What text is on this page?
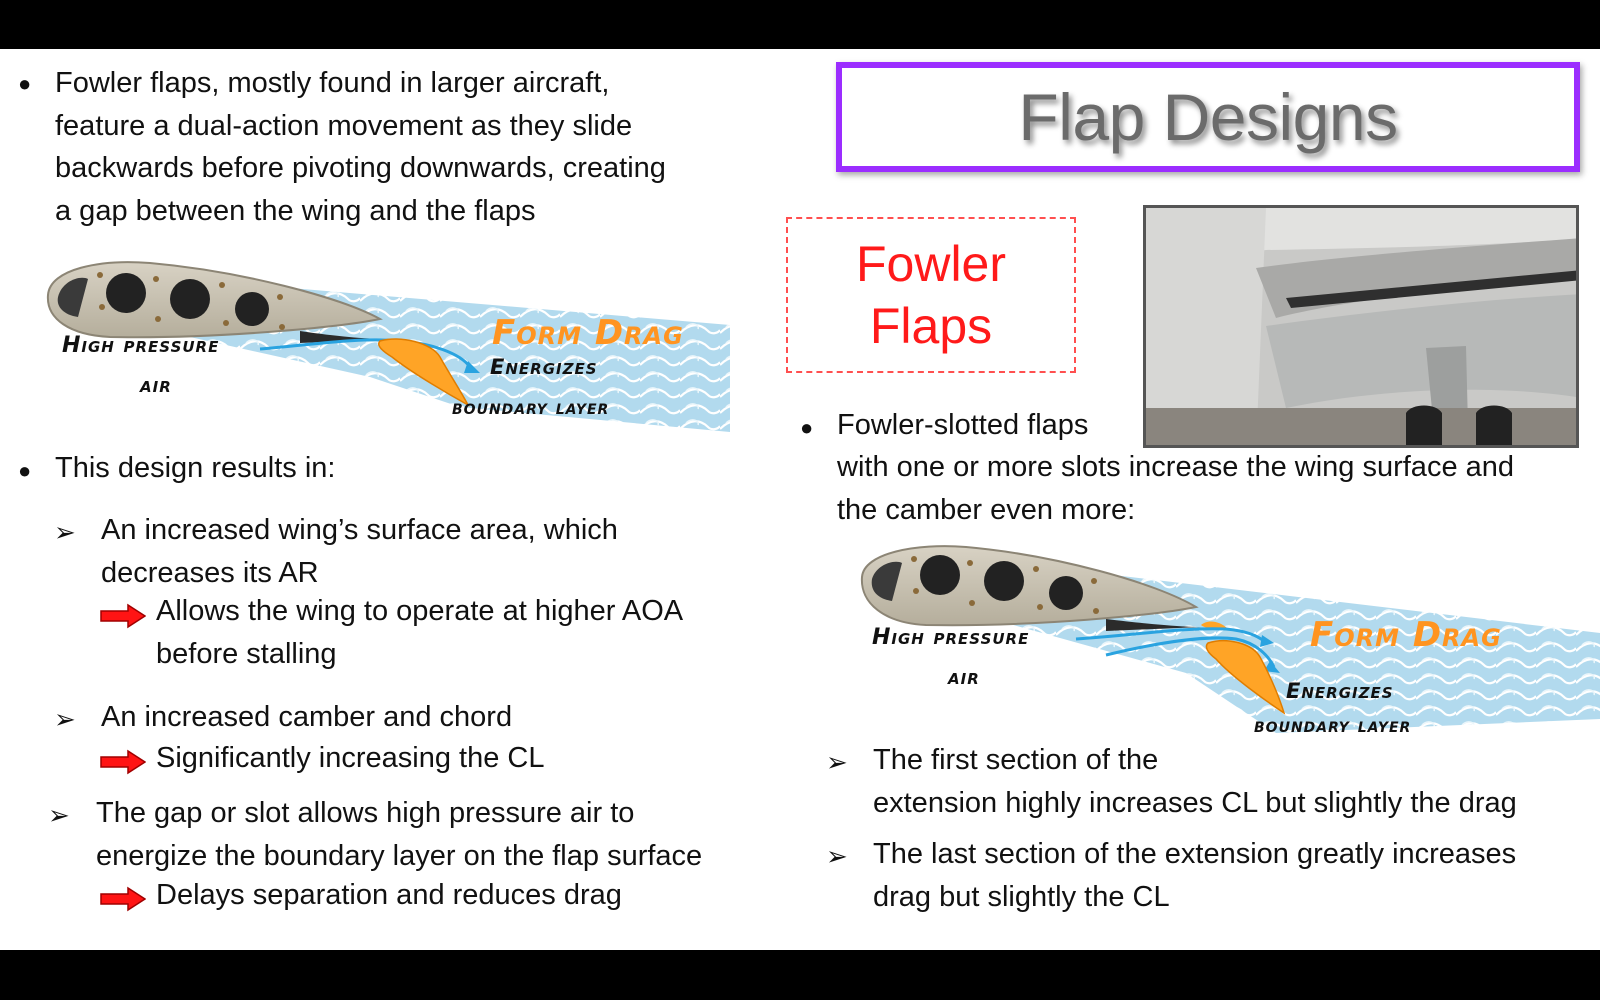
● Fowler flaps, mostly found in larger aircraft,
feature a dual-action movement as they slide
backwards before pivoting downwards, creating
a gap between the wing and the flaps
High pressure
air
Form Drag
Energizes
boundary layer
● This design results in:
➢ An increased wing’s surface area, which
decreases its AR
Allows the wing to operate at higher AOA
before stalling
➢ An increased camber and chord
Significantly increasing the CL
➢ The gap or slot allows high pressure air to
energize the boundary layer on the flap surface
Delays separation and reduces drag
Flap Designs
Fowler
Flaps
● Fowler-slotted flaps
with one or more slots increase the wing surface and
the camber even more:
High pressure
air
Form Drag
Energizes
boundary layer
➢ The first section of the
extension highly increases CL but slightly the drag
➢ The last section of the extension greatly increases
drag but slightly the CL
